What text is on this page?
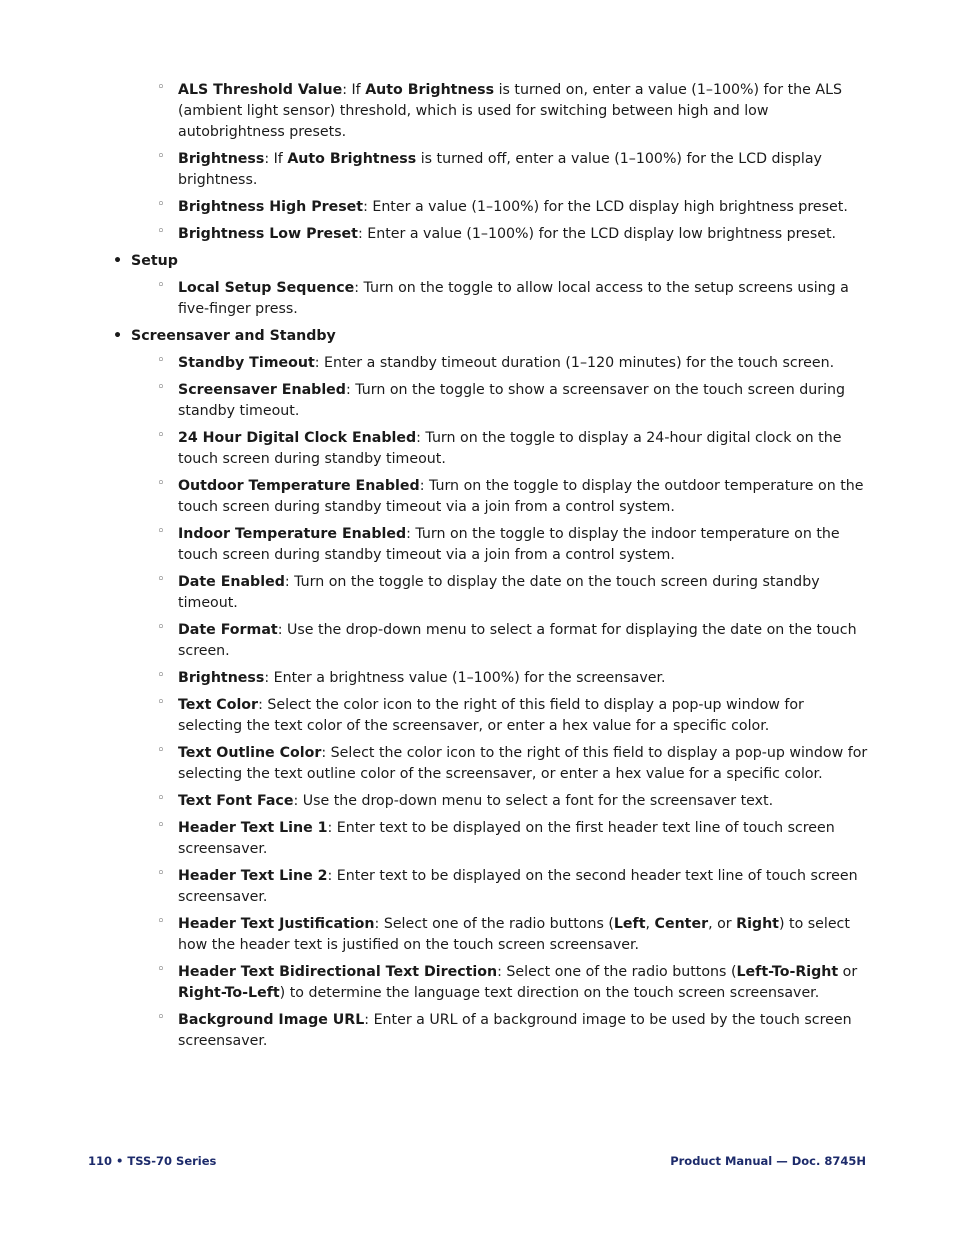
◦ ALS Threshold Value: If Auto Brightness is turned on, enter a value (1–100%) for the ALS (ambient light sensor) threshold, which is used for switching between high and low autobrightness presets.
◦ Brightness: If Auto Brightness is turned off, enter a value (1–100%) for the LCD display brightness.
◦ Brightness High Preset: Enter a value (1–100%) for the LCD display high brightness preset.
◦ Brightness Low Preset: Enter a value (1–100%) for the LCD display low brightness preset.
• Setup
◦ Local Setup Sequence: Turn on the toggle to allow local access to the setup screens using a five-finger press.
• Screensaver and Standby
◦ Standby Timeout: Enter a standby timeout duration (1–120 minutes) for the touch screen.
◦ Screensaver Enabled: Turn on the toggle to show a screensaver on the touch screen during standby timeout.
◦ 24 Hour Digital Clock Enabled: Turn on the toggle to display a 24-hour digital clock on the touch screen during standby timeout.
◦ Outdoor Temperature Enabled: Turn on the toggle to display the outdoor temperature on the touch screen during standby timeout via a join from a control system.
◦ Indoor Temperature Enabled: Turn on the toggle to display the indoor temperature on the touch screen during standby timeout via a join from a control system.
◦ Date Enabled: Turn on the toggle to display the date on the touch screen during standby timeout.
◦ Date Format: Use the drop-down menu to select a format for displaying the date on the touch screen.
◦ Brightness: Enter a brightness value (1–100%) for the screensaver.
◦ Text Color: Select the color icon to the right of this field to display a pop-up window for selecting the text color of the screensaver, or enter a hex value for a specific color.
◦ Text Outline Color: Select the color icon to the right of this field to display a pop-up window for selecting the text outline color of the screensaver, or enter a hex value for a specific color.
◦ Text Font Face: Use the drop-down menu to select a font for the screensaver text.
◦ Header Text Line 1: Enter text to be displayed on the first header text line of touch screen screensaver.
◦ Header Text Line 2: Enter text to be displayed on the second header text line of touch screen screensaver.
◦ Header Text Justification: Select one of the radio buttons (Left, Center, or Right) to select how the header text is justified on the touch screen screensaver.
◦ Header Text Bidirectional Text Direction: Select one of the radio buttons (Left-To-Right or Right-To-Left) to determine the language text direction on the touch screen screensaver.
◦ Background Image URL: Enter a URL of a background image to be used by the touch screen screensaver.
110 • TSS-70 Series	Product Manual — Doc. 8745H
